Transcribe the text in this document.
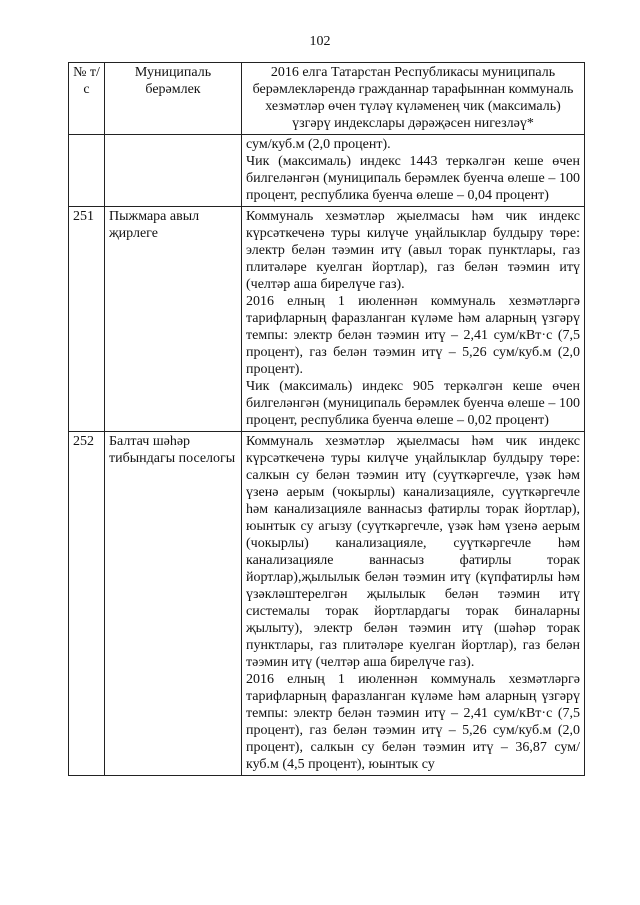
102
№ т/с	Муниципаль берәмлек	2016 елга Татарстан Республикасы муниципаль берәмлекләрендә гражданнар тарафыннан коммуналь хезмәтләр өчен түләү күләменең чик (максималь) үзгәрү индекслары дәрәҗәсен нигезләү*

		сум/куб.м (2,0 процент).

Чик (максималь) индекс 1443 теркәлгән кеше өчен билгеләнгән (муниципаль берәмлек буенча өлеше – 100 процент, республика буенча өлеше – 0,04 процент)

251	Пыжмара авыл җирлеге	Коммуналь хезмәтләр җыелмасы һәм чик индекс күрсәткеченә туры килүче уңайлыклар булдыру төре: электр белән тәэмин итү (авыл торак пунктлары, газ плитәләре куелган йортлар), газ белән тәэмин итү (челтәр аша бирелүче газ).

2016 елның 1 июленнән коммуналь хезмәтләргә тарифларның фаразланган күләме һәм аларның үзгәрү темпы: электр белән тәэмин итү – 2,41 сум/кВт·с (7,5 процент), газ белән тәэмин итү – 5,26 сум/куб.м (2,0 процент).

Чик (максималь) индекс 905 теркәлгән кеше өчен билгеләнгән (муниципаль берәмлек буенча өлеше – 100 процент, республика буенча өлеше – 0,02 процент)

252	Балтач шәһәр тибындагы поселогы	Коммуналь хезмәтләр җыелмасы һәм чик индекс күрсәткеченә туры килүче уңайлыклар булдыру төре: салкын су белән тәэмин итү (суүткәргечле, үзәк һәм үзенә аерым (чокырлы) канализацияле, суүткәргечле һәм канализацияле ваннасыз фатирлы торак йортлар), юынтык су агызу (суүткәргечле, үзәк һәм үзенә аерым (чокырлы) канализацияле, суүткәргечле һәм канализацияле ваннасыз фатирлы торак йортлар),җылылык белән тәэмин итү (күпфатирлы һәм үзәкләштерелгән җылылык белән тәэмин итү системалы торак йортлардагы торак биналарны җылыту), электр белән тәэмин итү (шәһәр торак пунктлары, газ плитәләре куелган йортлар), газ белән тәэмин итү (челтәр аша бирелүче газ).

2016 елның 1 июленнән коммуналь хезмәтләргә тарифларның фаразланган күләме һәм аларның үзгәрү темпы: электр белән тәэмин итү – 2,41 сум/кВт·с (7,5 процент), газ белән тәэмин итү – 5,26 сум/куб.м (2,0 процент), салкын су белән тәэмин итү – 36,87 сум/куб.м (4,5 процент), юынтык су
